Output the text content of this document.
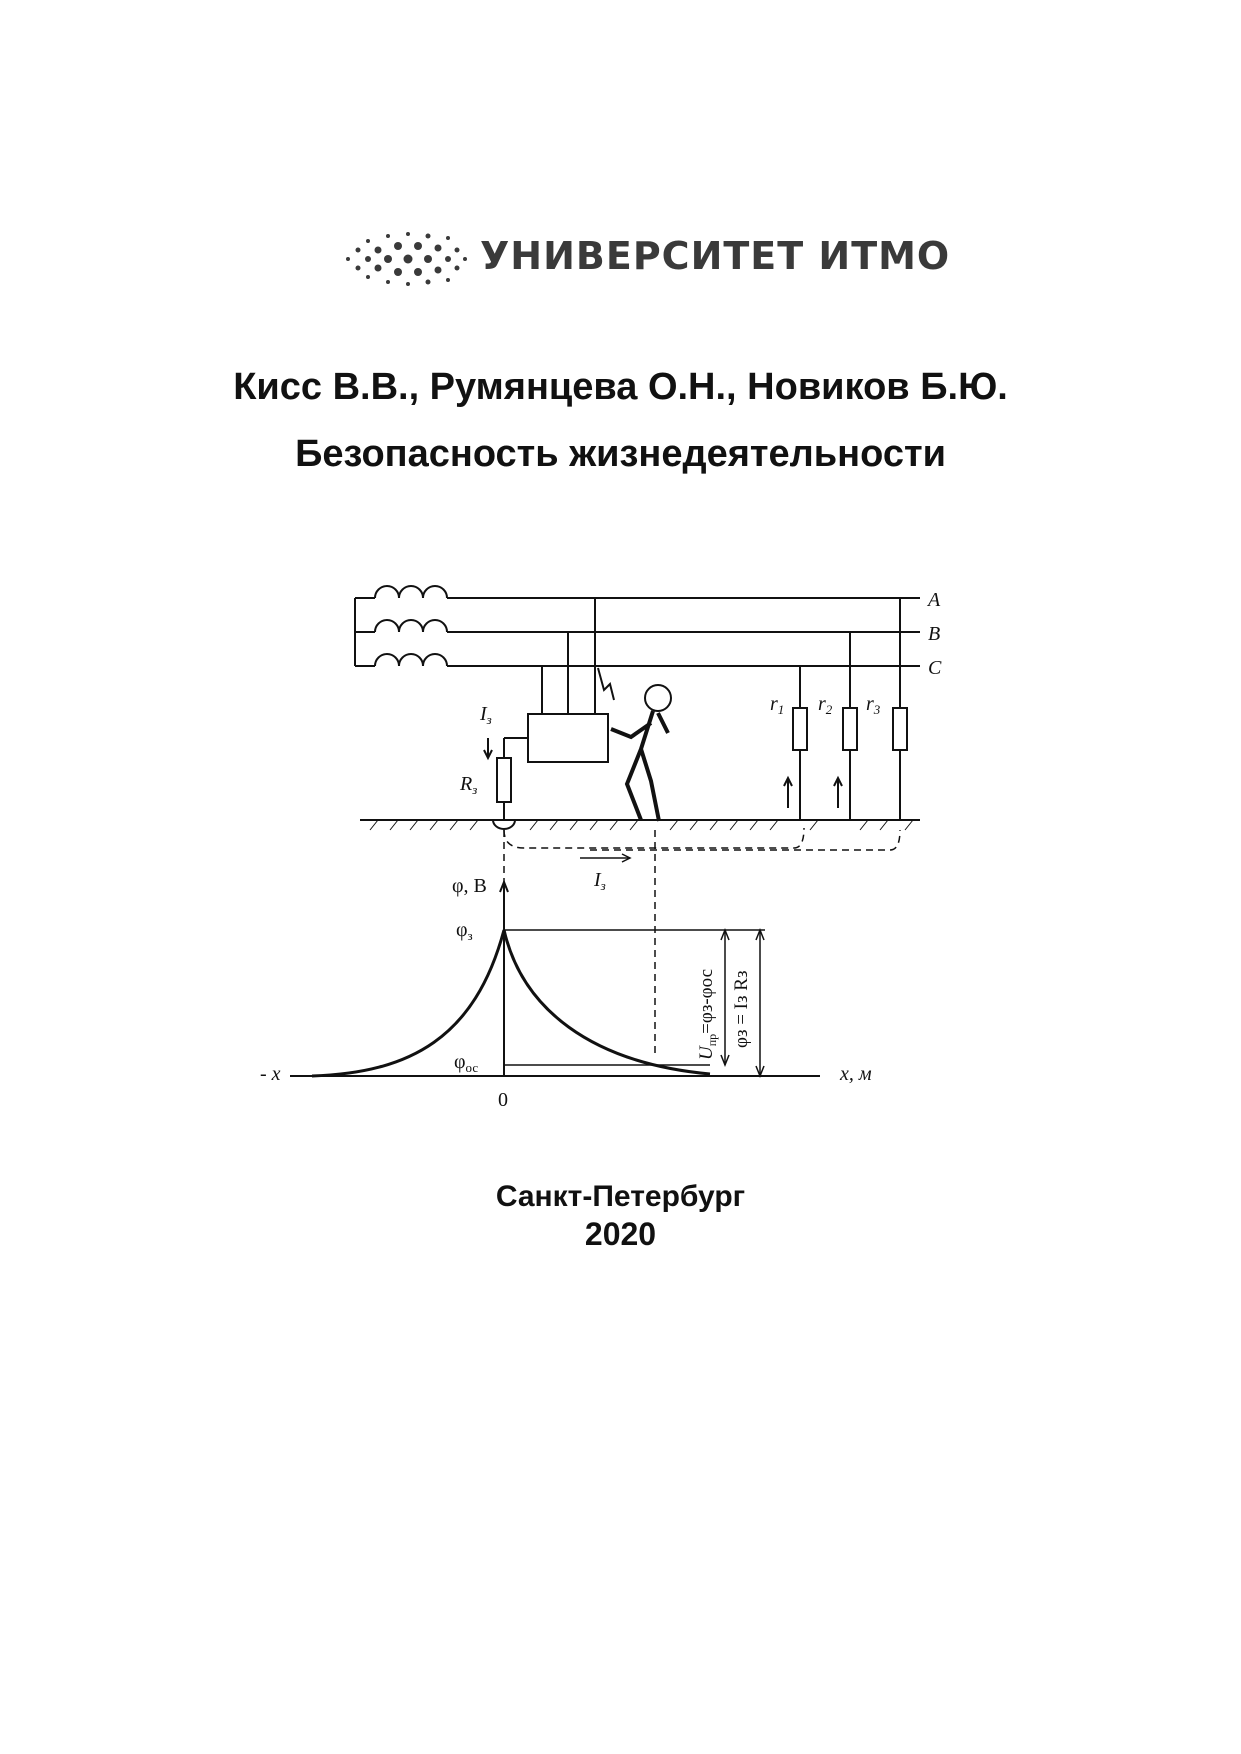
УНИВЕРСИТЕТ ИТМО
Кисс В.В., Румянцева О.Н., Новиков Б.Ю.
Безопасность жизнедеятельности
A
B
C
$I_з$
$R_з$
$I_з$
$r_1$ $r_2$ $r_3$
φ, В
$\varphi_з$
$\varphi_{ос}$
- x	x, м
0
$U_{пр}=\varphi з$-φос φз = Iз Rз
Санкт-Петербург
2020
